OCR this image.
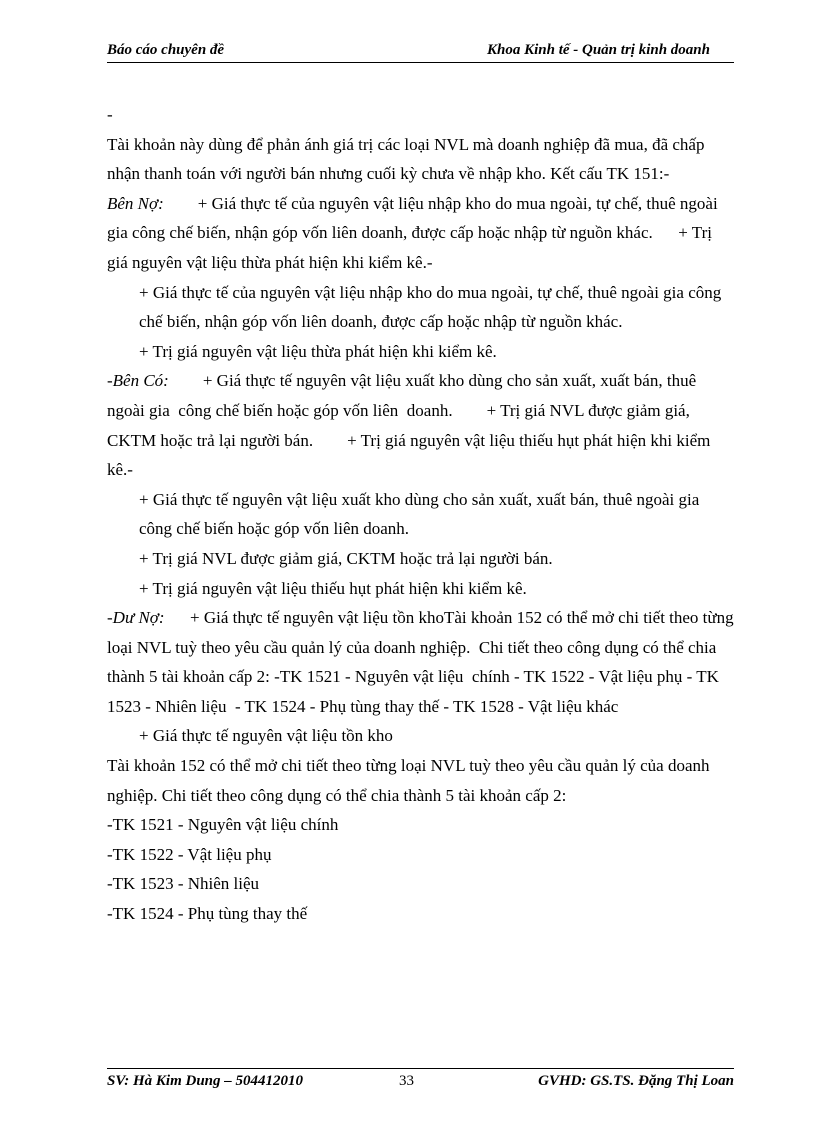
Báo cáo chuyên đề	Khoa Kinh tế - Quản trị kinh doanh

-

Tài khoản này dùng để phản ánh giá trị các loại NVL mà doanh nghiệp đã mua, đã chấp nhận thanh toán với người bán nhưng cuối kỳ chưa về nhập kho. Kết cấu TK 151:-

Bên Nợ:        + Giá thực tế của nguyên vật liệu nhập kho do mua ngoài, tự chế, thuê ngoài gia công chế biến, nhận góp vốn liên doanh, được cấp hoặc nhập từ nguồn khác.      + Trị giá nguyên vật liệu thừa phát hiện khi kiểm kê.-

+ Giá thực tế của nguyên vật liệu nhập kho do mua ngoài, tự chế, thuê ngoài gia công chế biến, nhận góp vốn liên doanh, được cấp hoặc nhập từ nguồn khác.

+ Trị giá nguyên vật liệu thừa phát hiện khi kiểm kê.

-Bên Có:        + Giá thực tế nguyên vật liệu xuất kho dùng cho sản xuất, xuất bán, thuê ngoài gia  công chế biến hoặc góp vốn liên  doanh.        + Trị giá NVL được giảm giá,  CKTM hoặc trả lại người bán.        + Trị giá nguyên vật liệu thiếu hụt phát hiện khi kiểm kê.-

+ Giá thực tế nguyên vật liệu xuất kho dùng cho sản xuất, xuất bán, thuê ngoài gia công chế biến hoặc góp vốn liên doanh.

+ Trị giá NVL được giảm giá, CKTM hoặc trả lại người bán.

+ Trị giá nguyên vật liệu thiếu hụt phát hiện khi kiểm kê.

-Dư Nợ:      + Giá thực tế nguyên vật liệu tồn khoTài khoản 152 có thể mở chi tiết theo từng loại NVL tuỳ theo yêu cầu quản lý của doanh nghiệp.  Chi tiết theo công dụng có thể chia thành 5 tài khoản cấp 2: -TK 1521 - Nguyên vật liệu  chính - TK 1522 - Vật liệu phụ - TK 1523 - Nhiên liệu  - TK 1524 - Phụ tùng thay thế - TK 1528 - Vật liệu khác

+ Giá thực tế nguyên vật liệu tồn kho

Tài khoản 152 có thể mở chi tiết theo từng loại NVL tuỳ theo yêu cầu quản lý của doanh nghiệp. Chi tiết theo công dụng có thể chia thành 5 tài khoản cấp 2:

-TK 1521 - Nguyên vật liệu chính

-TK 1522 - Vật liệu phụ

-TK 1523 - Nhiên liệu

-TK 1524 - Phụ tùng thay thế

SV: Hà Kim Dung – 504412010	33	GVHD: GS.TS. Đặng Thị Loan
